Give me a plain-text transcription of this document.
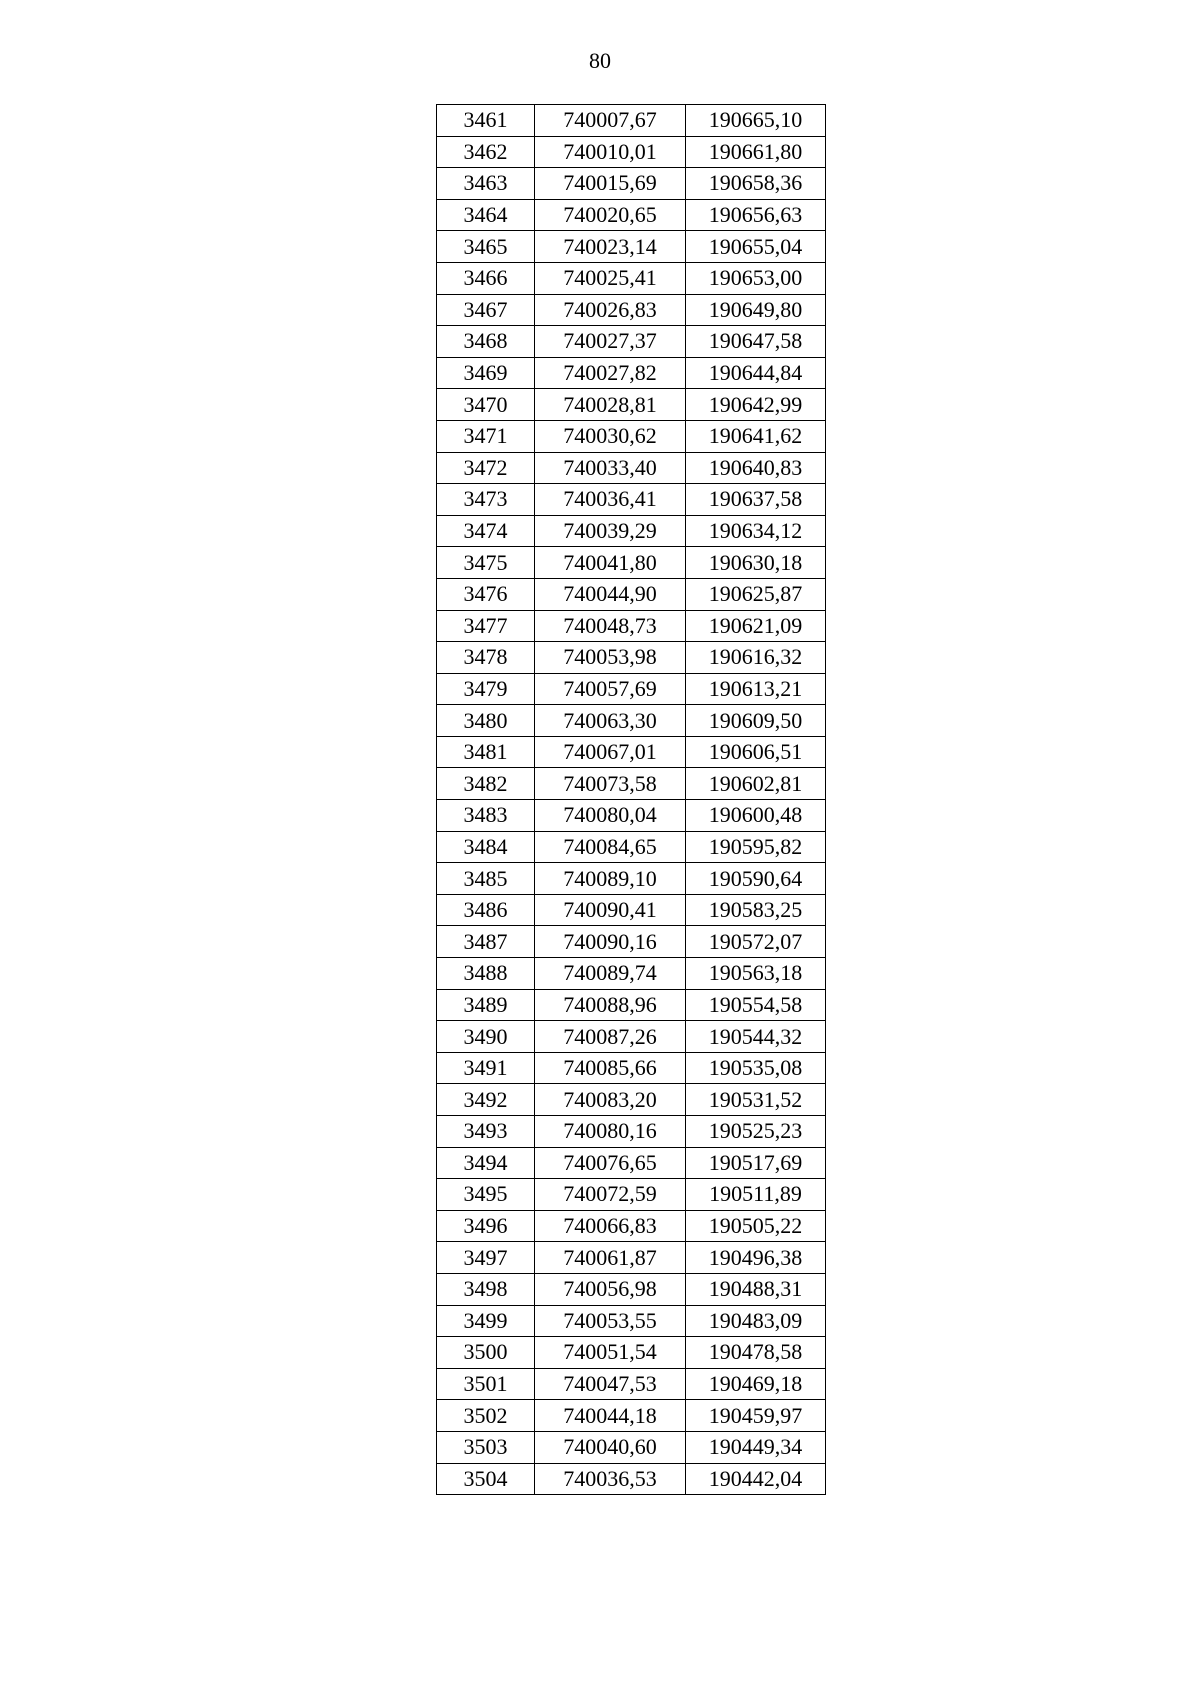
80
3461	740007,67	190665,10
3462	740010,01	190661,80
3463	740015,69	190658,36
3464	740020,65	190656,63
3465	740023,14	190655,04
3466	740025,41	190653,00
3467	740026,83	190649,80
3468	740027,37	190647,58
3469	740027,82	190644,84
3470	740028,81	190642,99
3471	740030,62	190641,62
3472	740033,40	190640,83
3473	740036,41	190637,58
3474	740039,29	190634,12
3475	740041,80	190630,18
3476	740044,90	190625,87
3477	740048,73	190621,09
3478	740053,98	190616,32
3479	740057,69	190613,21
3480	740063,30	190609,50
3481	740067,01	190606,51
3482	740073,58	190602,81
3483	740080,04	190600,48
3484	740084,65	190595,82
3485	740089,10	190590,64
3486	740090,41	190583,25
3487	740090,16	190572,07
3488	740089,74	190563,18
3489	740088,96	190554,58
3490	740087,26	190544,32
3491	740085,66	190535,08
3492	740083,20	190531,52
3493	740080,16	190525,23
3494	740076,65	190517,69
3495	740072,59	190511,89
3496	740066,83	190505,22
3497	740061,87	190496,38
3498	740056,98	190488,31
3499	740053,55	190483,09
3500	740051,54	190478,58
3501	740047,53	190469,18
3502	740044,18	190459,97
3503	740040,60	190449,34
3504	740036,53	190442,04
